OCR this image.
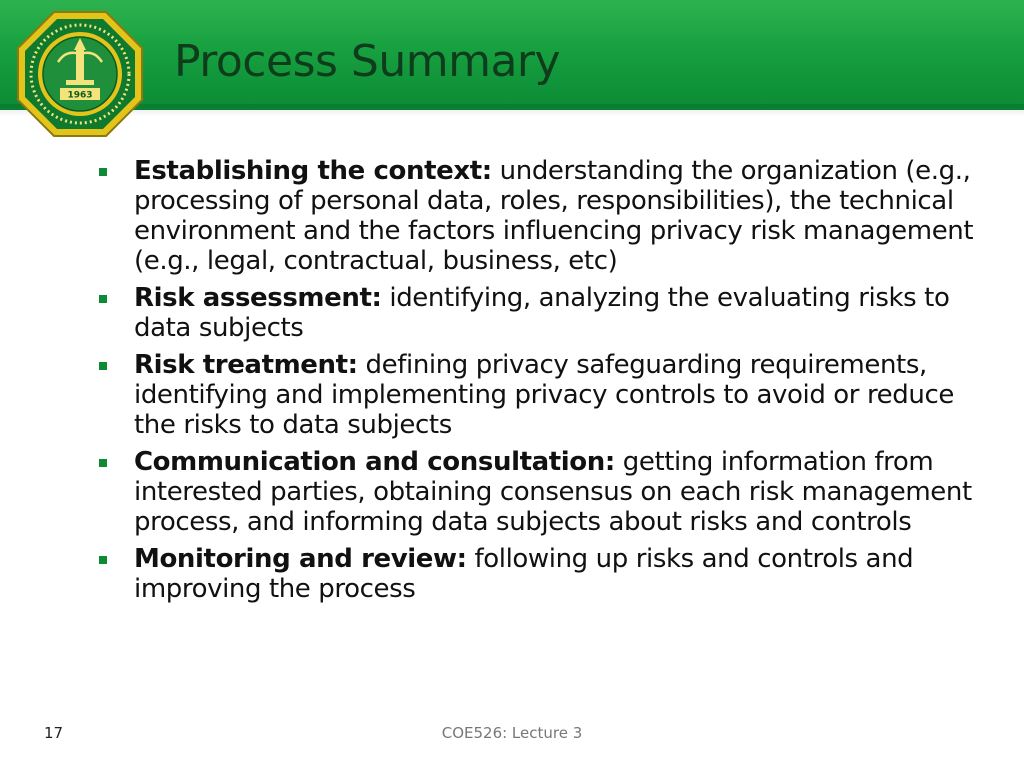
1963
Process Summary
Establishing the context: understanding the organization (e.g., processing of personal data, roles, responsibilities), the technical environment and the factors influencing privacy risk management (e.g., legal, contractual, business, etc)
Risk assessment: identifying, analyzing the evaluating risks to data subjects
Risk treatment: defining privacy safeguarding requirements, identifying and implementing privacy controls to avoid or reduce the risks to data subjects
Communication and consultation: getting information from interested parties, obtaining consensus on each risk management process, and informing data subjects about risks and controls
Monitoring and review: following up risks and controls and improving the process
17	COE526: Lecture 3
